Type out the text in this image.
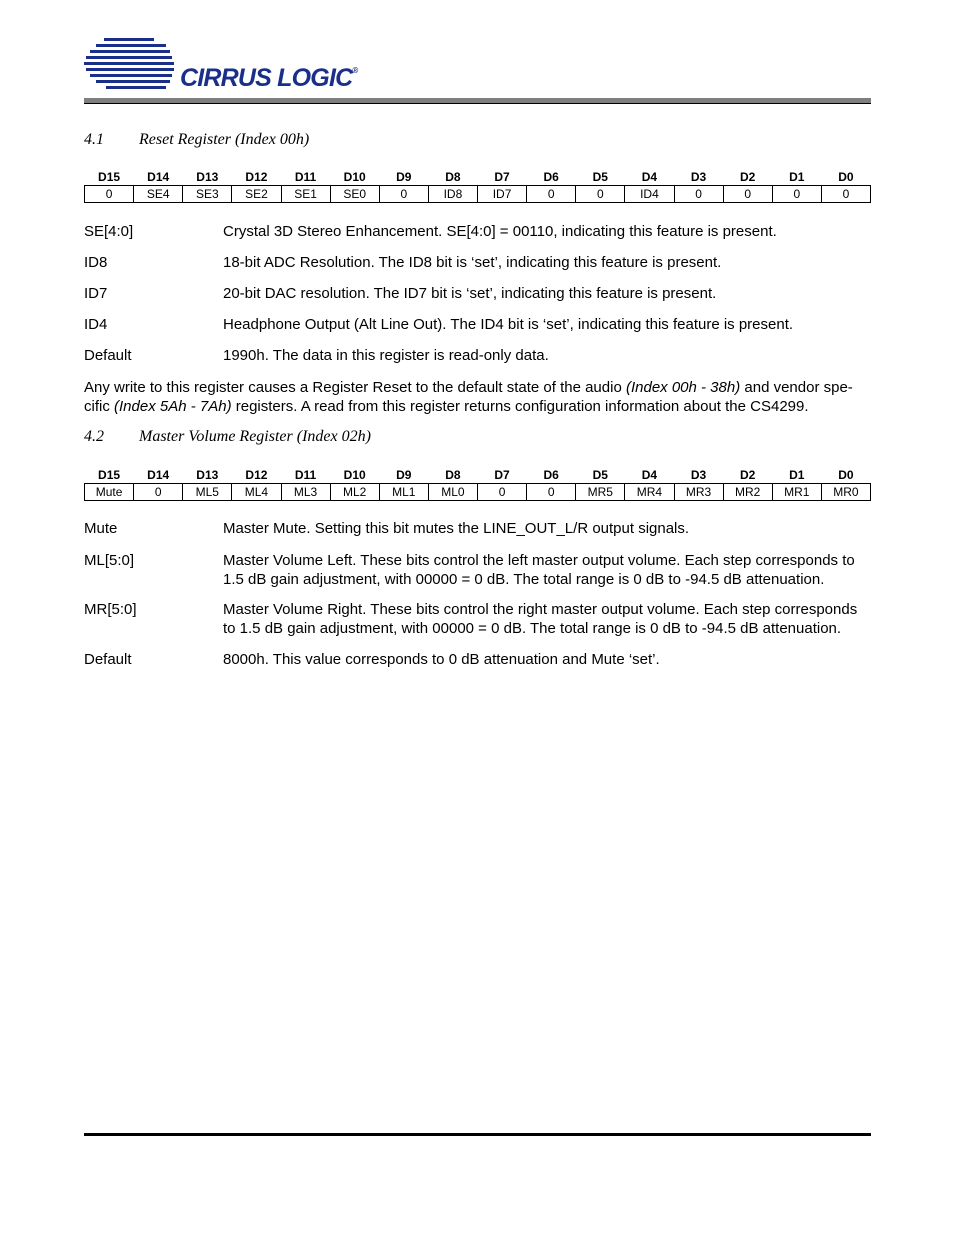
CIRRUS LOGIC®
4.1 Reset Register (Index 00h)
D15	D14	D13	D12	D11	D10	D9	D8	D7	D6	D5	D4	D3	D2	D1	D0
0	SE4	SE3	SE2	SE1	SE0	0	ID8	ID7	0	0	ID4	0	0	0	0
SE[4:0]	Crystal 3D Stereo Enhancement. SE[4:0] = 00110, indicating this feature is present.
ID8	18-bit ADC Resolution. The ID8 bit is ‘set’, indicating this feature is present.
ID7	20-bit DAC resolution. The ID7 bit is ‘set’, indicating this feature is present.
ID4	Headphone Output (Alt Line Out). The ID4 bit is ‘set’, indicating this feature is present.
Default	1990h. The data in this register is read-only data.
Any write to this register causes a Register Reset to the default state of the audio (Index 00h - 38h) and vendor spe-cific (Index 5Ah - 7Ah) registers. A read from this register returns configuration information about the CS4299.
4.2 Master Volume Register (Index 02h)
D15	D14	D13	D12	D11	D10	D9	D8	D7	D6	D5	D4	D3	D2	D1	D0
Mute	0	ML5	ML4	ML3	ML2	ML1	ML0	0	0	MR5	MR4	MR3	MR2	MR1	MR0
Mute	Master Mute. Setting this bit mutes the LINE_OUT_L/R output signals.
ML[5:0]	Master Volume Left. These bits control the left master output volume. Each step corresponds to 1.5 dB gain adjustment, with 00000 = 0 dB. The total range is 0 dB to -94.5 dB attenuation.
MR[5:0]	Master Volume Right. These bits control the right master output volume. Each step corresponds to 1.5 dB gain adjustment, with 00000 = 0 dB. The total range is 0 dB to -94.5 dB attenuation.
Default	8000h. This value corresponds to 0 dB attenuation and Mute ‘set’.
